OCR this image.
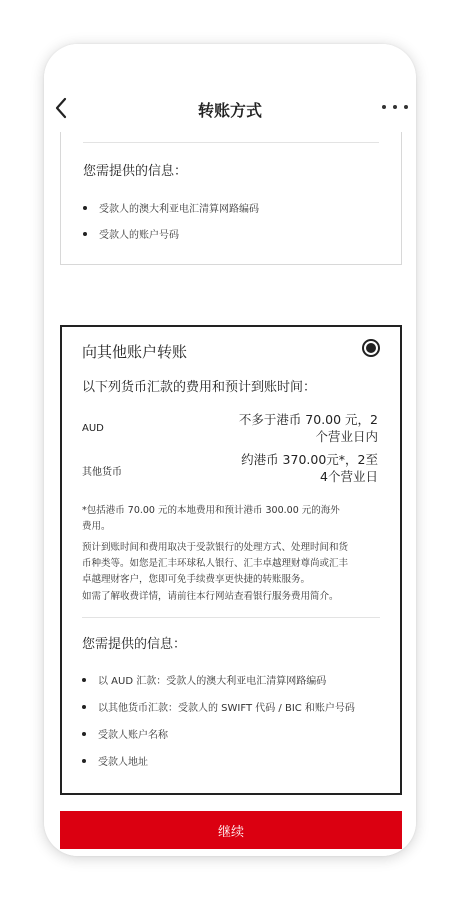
转账方式
您需提供的信息：
受款人的澳大利亚电汇清算网路编码
受款人的账户号码
向其他账户转账
以下列货币汇款的费用和预计到账时间：
AUD
不多于港币 70.00 元，2
个营业日内
其他货币
约港币 370.00元*，2至
4个营业日
*包括港币 70.00 元的本地费用和预计港币 300.00 元的海外
费用。
预计到账时间和费用取决于受款银行的处理方式、处理时间和货
币种类等。如您是汇丰环球私人银行、汇丰卓越理财尊尚或汇丰
卓越理财客户，您即可免手续费享更快捷的转账服务。
如需了解收费详情，请前往本行网站查看银行服务费用简介。
您需提供的信息：
以 AUD 汇款：受款人的澳大利亚电汇清算网路编码
以其他货币汇款：受款人的 SWIFT 代码 / BIC 和账户号码
受款人账户名称
受款人地址
继续
